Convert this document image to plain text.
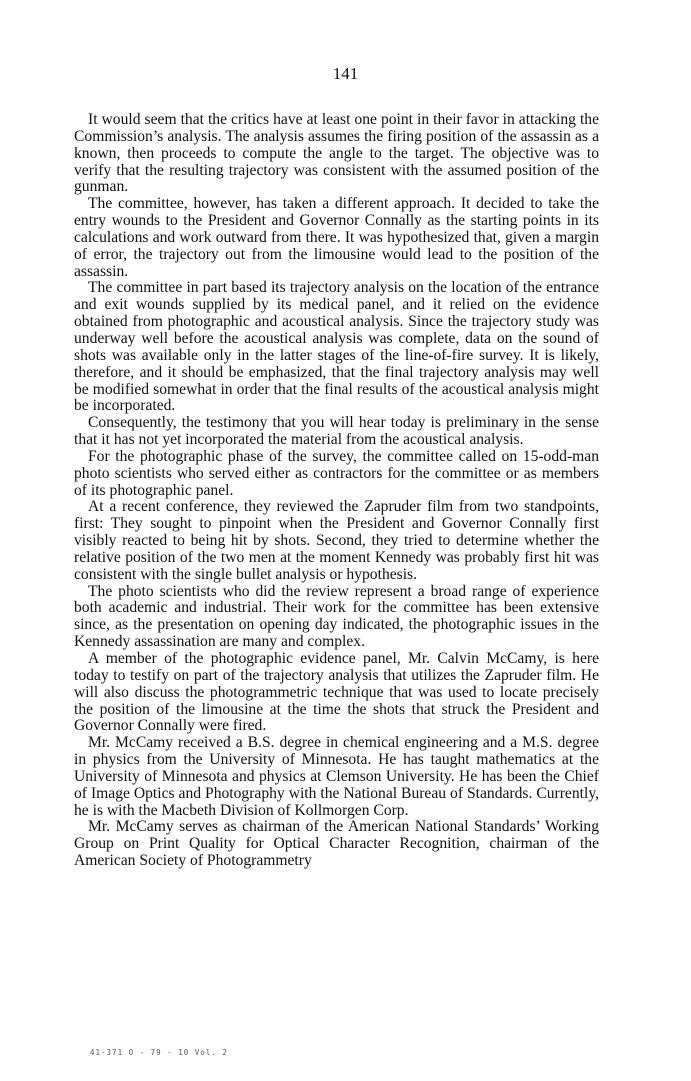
141

It would seem that the critics have at least one point in their favor in attacking the Commission’s analysis. The analysis assumes the firing position of the assassin as a known, then proceeds to compute the angle to the target. The objective was to verify that the resulting trajectory was consistent with the assumed position of the gunman.

The committee, however, has taken a different approach. It decided to take the entry wounds to the President and Governor Connally as the starting points in its calculations and work outward from there. It was hypothesized that, given a margin of error, the trajectory out from the limousine would lead to the position of the assassin.

The committee in part based its trajectory analysis on the location of the entrance and exit wounds supplied by its medical panel, and it relied on the evidence obtained from photographic and acoustical analysis. Since the trajectory study was underway well before the acoustical analysis was complete, data on the sound of shots was available only in the latter stages of the line-of-fire survey. It is likely, therefore, and it should be emphasized, that the final trajectory analysis may well be modified somewhat in order that the final results of the acoustical analysis might be incorporated.

Consequently, the testimony that you will hear today is preliminary in the sense that it has not yet incorporated the material from the acoustical analysis.

For the photographic phase of the survey, the committee called on 15-odd-man photo scientists who served either as contractors for the committee or as members of its photographic panel.

At a recent conference, they reviewed the Zapruder film from two standpoints, first: They sought to pinpoint when the President and Governor Connally first visibly reacted to being hit by shots. Second, they tried to determine whether the relative position of the two men at the moment Kennedy was probably first hit was consistent with the single bullet analysis or hypothesis.

The photo scientists who did the review represent a broad range of experience both academic and industrial. Their work for the committee has been extensive since, as the presentation on opening day indicated, the photographic issues in the Kennedy assassination are many and complex.

A member of the photographic evidence panel, Mr. Calvin McCamy, is here today to testify on part of the trajectory analysis that utilizes the Zapruder film. He will also discuss the photogrammetric technique that was used to locate precisely the position of the limousine at the time the shots that struck the President and Governor Connally were fired.

Mr. McCamy received a B.S. degree in chemical engineering and a M.S. degree in physics from the University of Minnesota. He has taught mathematics at the University of Minnesota and physics at Clemson University. He has been the Chief of Image Optics and Photography with the National Bureau of Standards. Currently, he is with the Macbeth Division of Kollmorgen Corp.

Mr. McCamy serves as chairman of the American National Standards’ Working Group on Print Quality for Optical Character Recognition, chairman of the American Society of Photogrammetry

41-371 O - 79 - 10 Vol. 2
